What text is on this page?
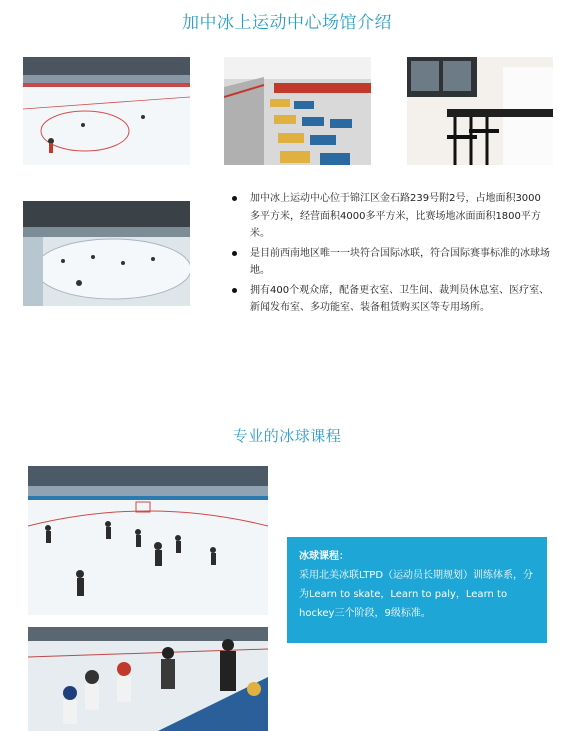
加中冰上运动中心场馆介绍
加中冰上运动中心位于锦江区金石路239号附2号，占地面积3000多平方米，经营面积4000多平方米，比赛场地冰面面积1800平方米。
是目前西南地区唯一一块符合国际冰联，符合国际赛事标准的冰球场地。
拥有400个观众席，配备更衣室、卫生间、裁判员休息室、医疗室、新闻发布室、多功能室、装备租赁购买区等专用场所。
专业的冰球课程
冰球课程：
采用北美冰联LTPD（运动员长期规划）训练体系，分为Learn to skate，Learn to paly，Learn to hockey三个阶段，9级标准。
